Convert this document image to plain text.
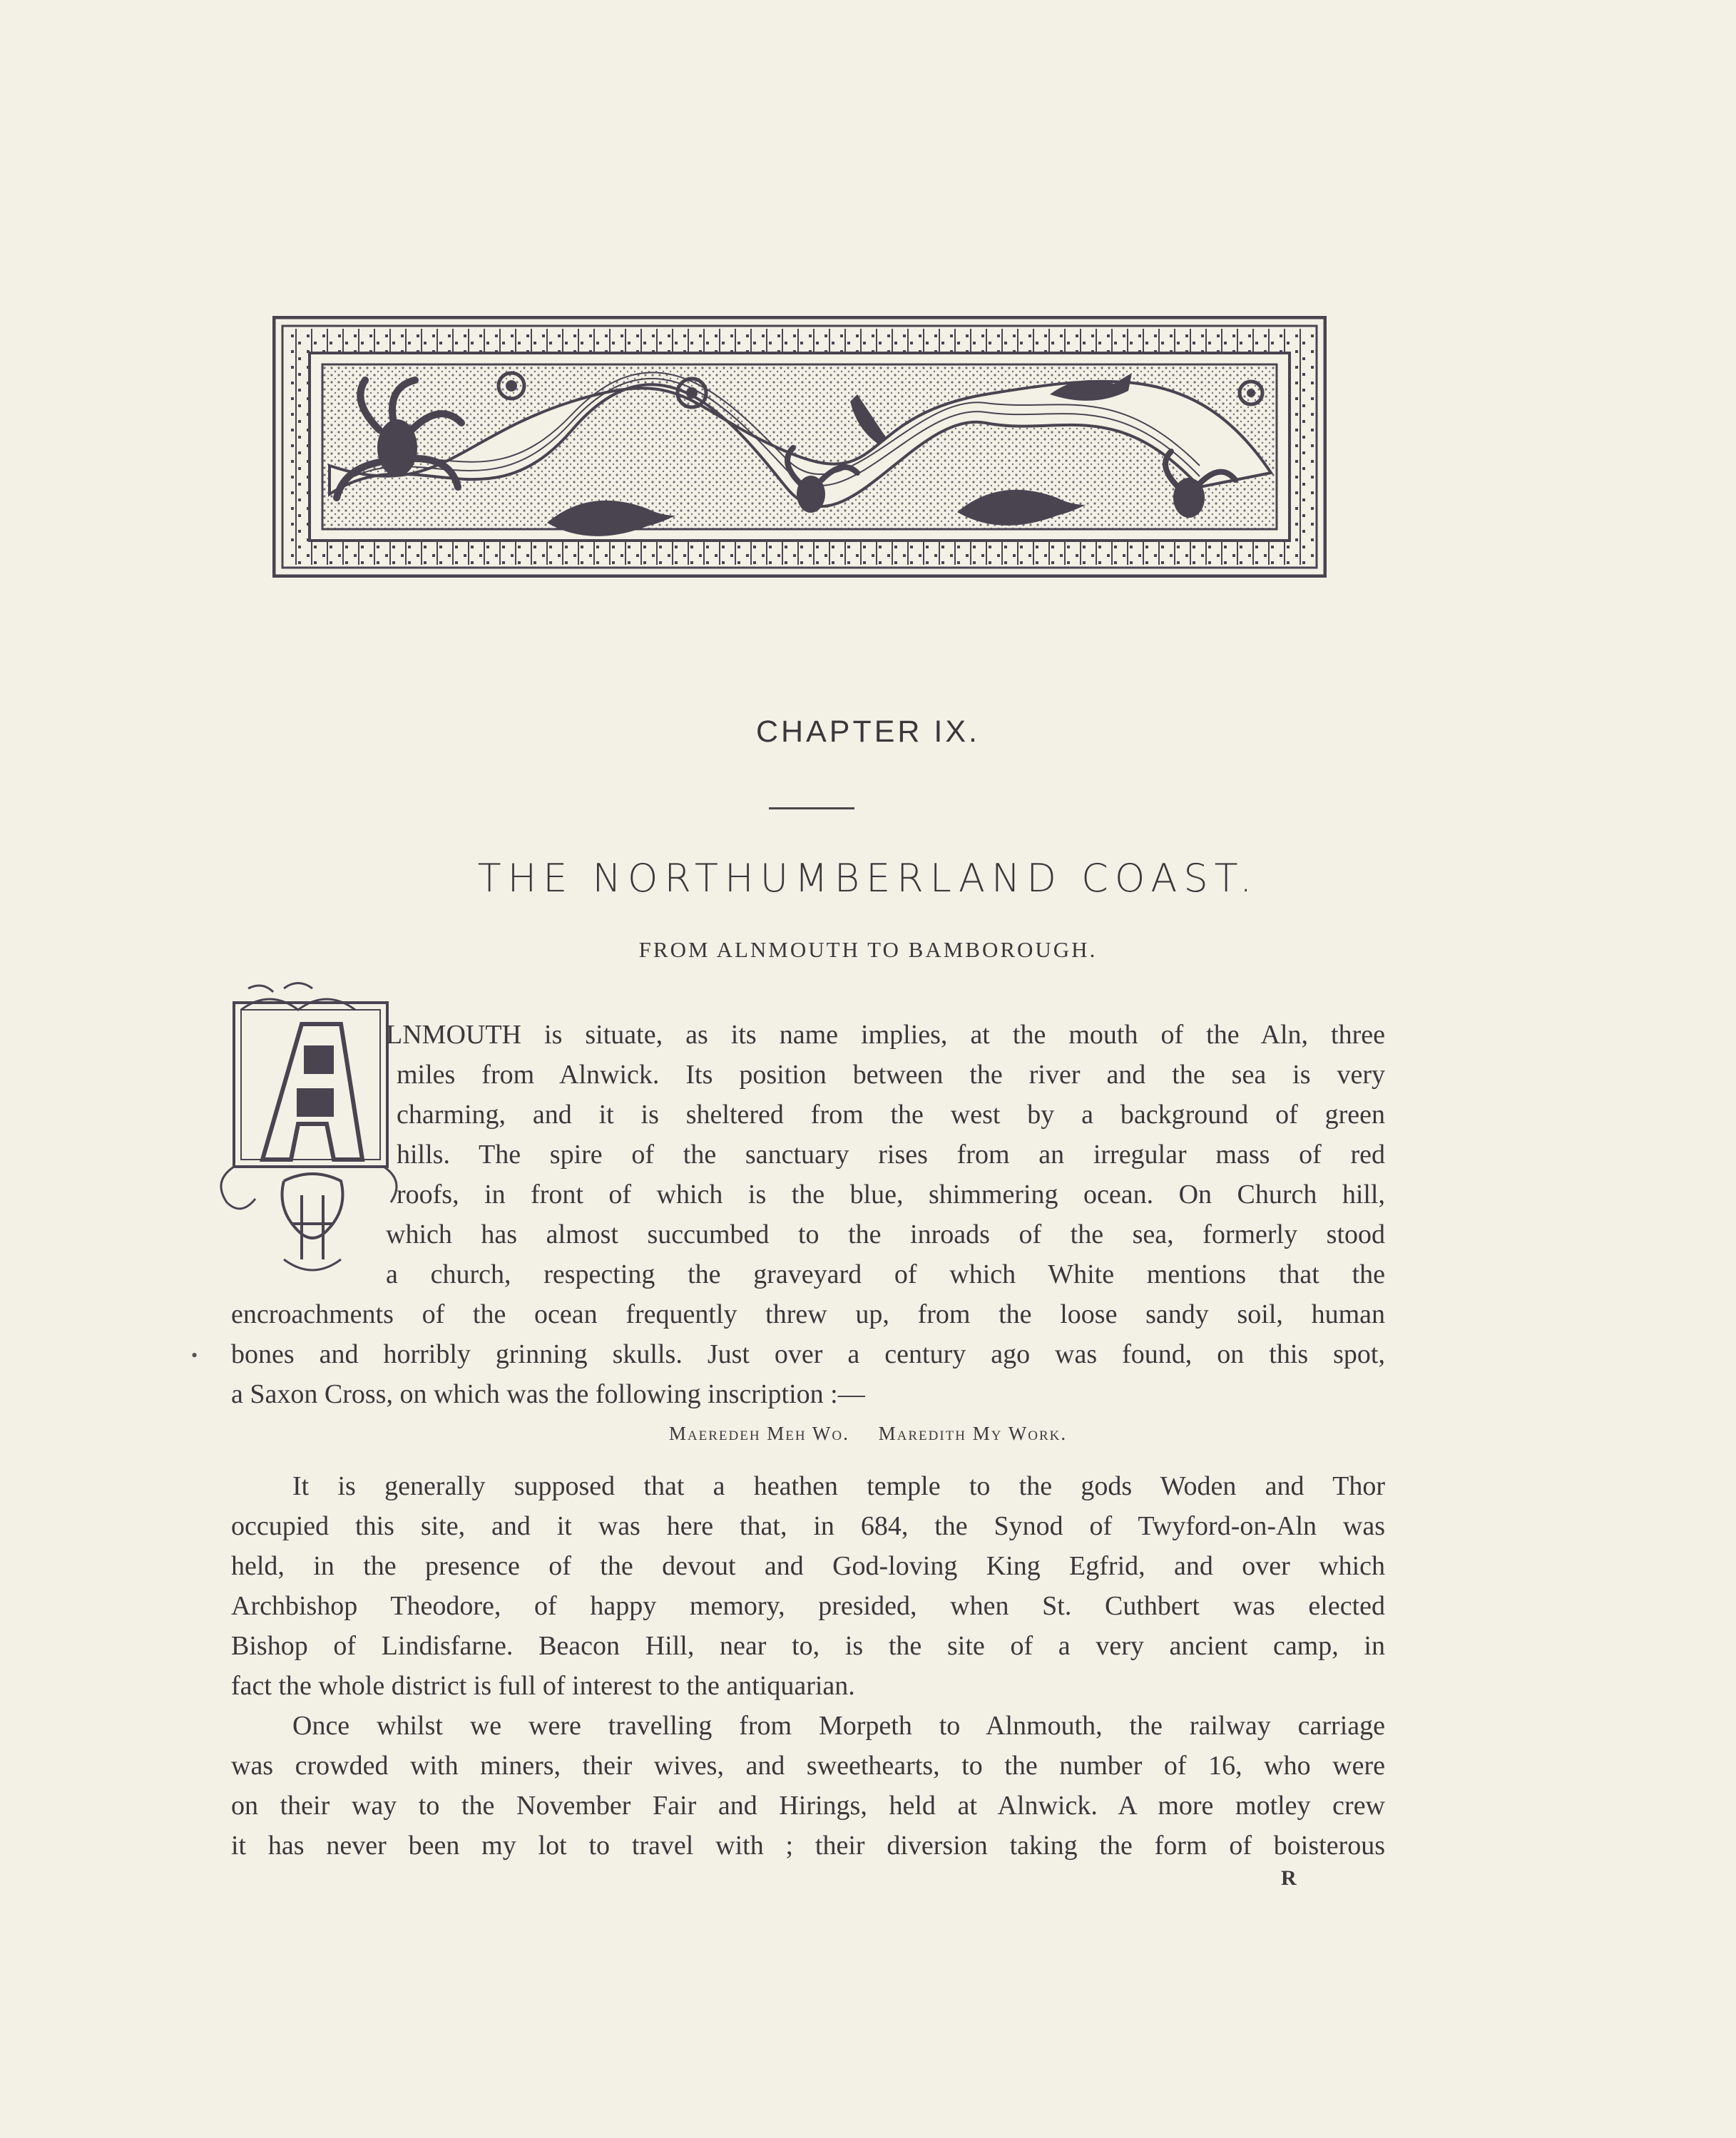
CHAPTER IX.
THE NORTHUMBERLAND COAST.
FROM ALNMOUTH TO BAMBOROUGH.
LNMOUTH is situate, as its name implies, at the mouth of the Aln, three
miles from Alnwick. Its position between the river and the sea is very
charming, and it is sheltered from the west by a background of green
hills. The spire of the sanctuary rises from an irregular mass of red
roofs, in front of which is the blue, shimmering ocean. On Church hill,
which has almost succumbed to the inroads of the sea, formerly stood
a church, respecting the graveyard of which White mentions that the
encroachments of the ocean frequently threw up, from the loose sandy soil, human
bones and horribly grinning skulls. Just over a century ago was found, on this spot,
a Saxon Cross, on which was the following inscription :—
•
Maeredeh Meh Wo. Maredith My Work.
It is generally supposed that a heathen temple to the gods Woden and Thor
occupied this site, and it was here that, in 684, the Synod of Twyford-on-Aln was
held, in the presence of the devout and God-loving King Egfrid, and over which
Archbishop Theodore, of happy memory, presided, when St. Cuthbert was elected
Bishop of Lindisfarne. Beacon Hill, near to, is the site of a very ancient camp, in
fact the whole district is full of interest to the antiquarian.
Once whilst we were travelling from Morpeth to Alnmouth, the railway carriage
was crowded with miners, their wives, and sweethearts, to the number of 16, who were
on their way to the November Fair and Hirings, held at Alnwick. A more motley crew
it has never been my lot to travel with ; their diversion taking the form of boisterous
R
